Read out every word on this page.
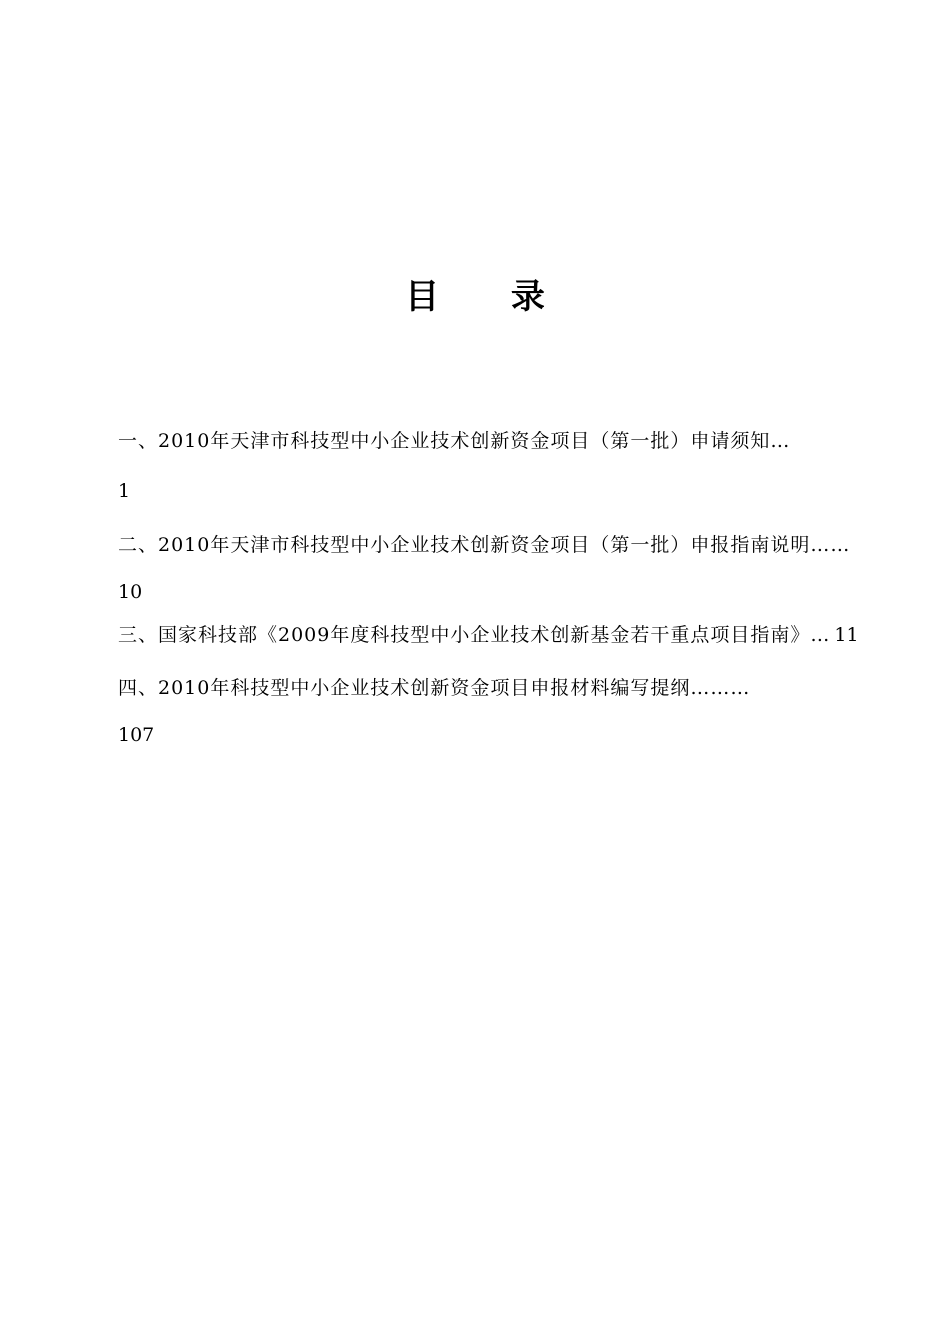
目 录
一、2010年天津市科技型中小企业技术创新资金项目（第一批）申请须知…
1
二、2010年天津市科技型中小企业技术创新资金项目（第一批）申报指南说明……
10
三、国家科技部《2009年度科技型中小企业技术创新基金若干重点项目指南》… 11
四、2010年科技型中小企业技术创新资金项目申报材料编写提纲………
107
